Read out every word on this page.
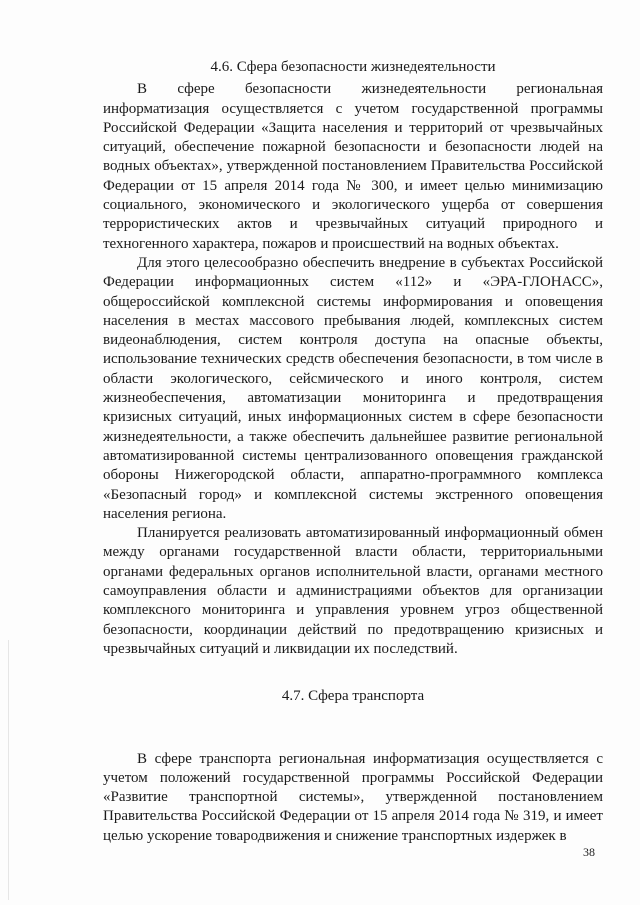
4.6. Сфера безопасности жизнедеятельности

В сфере безопасности жизнедеятельности региональная информатизация осуществляется с учетом государственной программы Российской Федерации «Защита населения и территорий от чрезвычайных ситуаций, обеспечение пожарной безопасности и безопасности людей на водных объектах», утвержденной постановлением Правительства Российской Федерации от 15 апреля 2014 года № 300, и имеет целью минимизацию социального, экономического и экологического ущерба от совершения террористических актов и чрезвычайных ситуаций природного и техногенного характера, пожаров и происшествий на водных объектах.

Для этого целесообразно обеспечить внедрение в субъектах Российской Федерации информационных систем «112» и «ЭРА-ГЛОНАСС», общероссийской комплексной системы информирования и оповещения населения в местах массового пребывания людей, комплексных систем видеонаблюдения, систем контроля доступа на опасные объекты, использование технических средств обеспечения безопасности, в том числе в области экологического, сейсмического и иного контроля, систем жизнеобеспечения, автоматизации мониторинга и предотвращения кризисных ситуаций, иных информационных систем в сфере безопасности жизнедеятельности, а также обеспечить дальнейшее развитие региональной автоматизированной системы централизованного оповещения гражданской обороны Нижегородской области, аппаратно-программного комплекса «Безопасный город» и комплексной системы экстренного оповещения населения региона.

Планируется реализовать автоматизированный информационный обмен между органами государственной власти области, территориальными органами федеральных органов исполнительной власти, органами местного самоуправления области и администрациями объектов для организации комплексного мониторинга и управления уровнем угроз общественной безопасности, координации действий по предотвращению кризисных и чрезвычайных ситуаций и ликвидации их последствий.

4.7. Сфера транспорта

В сфере транспорта региональная информатизация осуществляется с учетом положений государственной программы Российской Федерации «Развитие транспортной системы», утвержденной постановлением Правительства Российской Федерации от 15 апреля 2014 года № 319, и имеет целью ускорение товародвижения и снижение транспортных издержек в

38
